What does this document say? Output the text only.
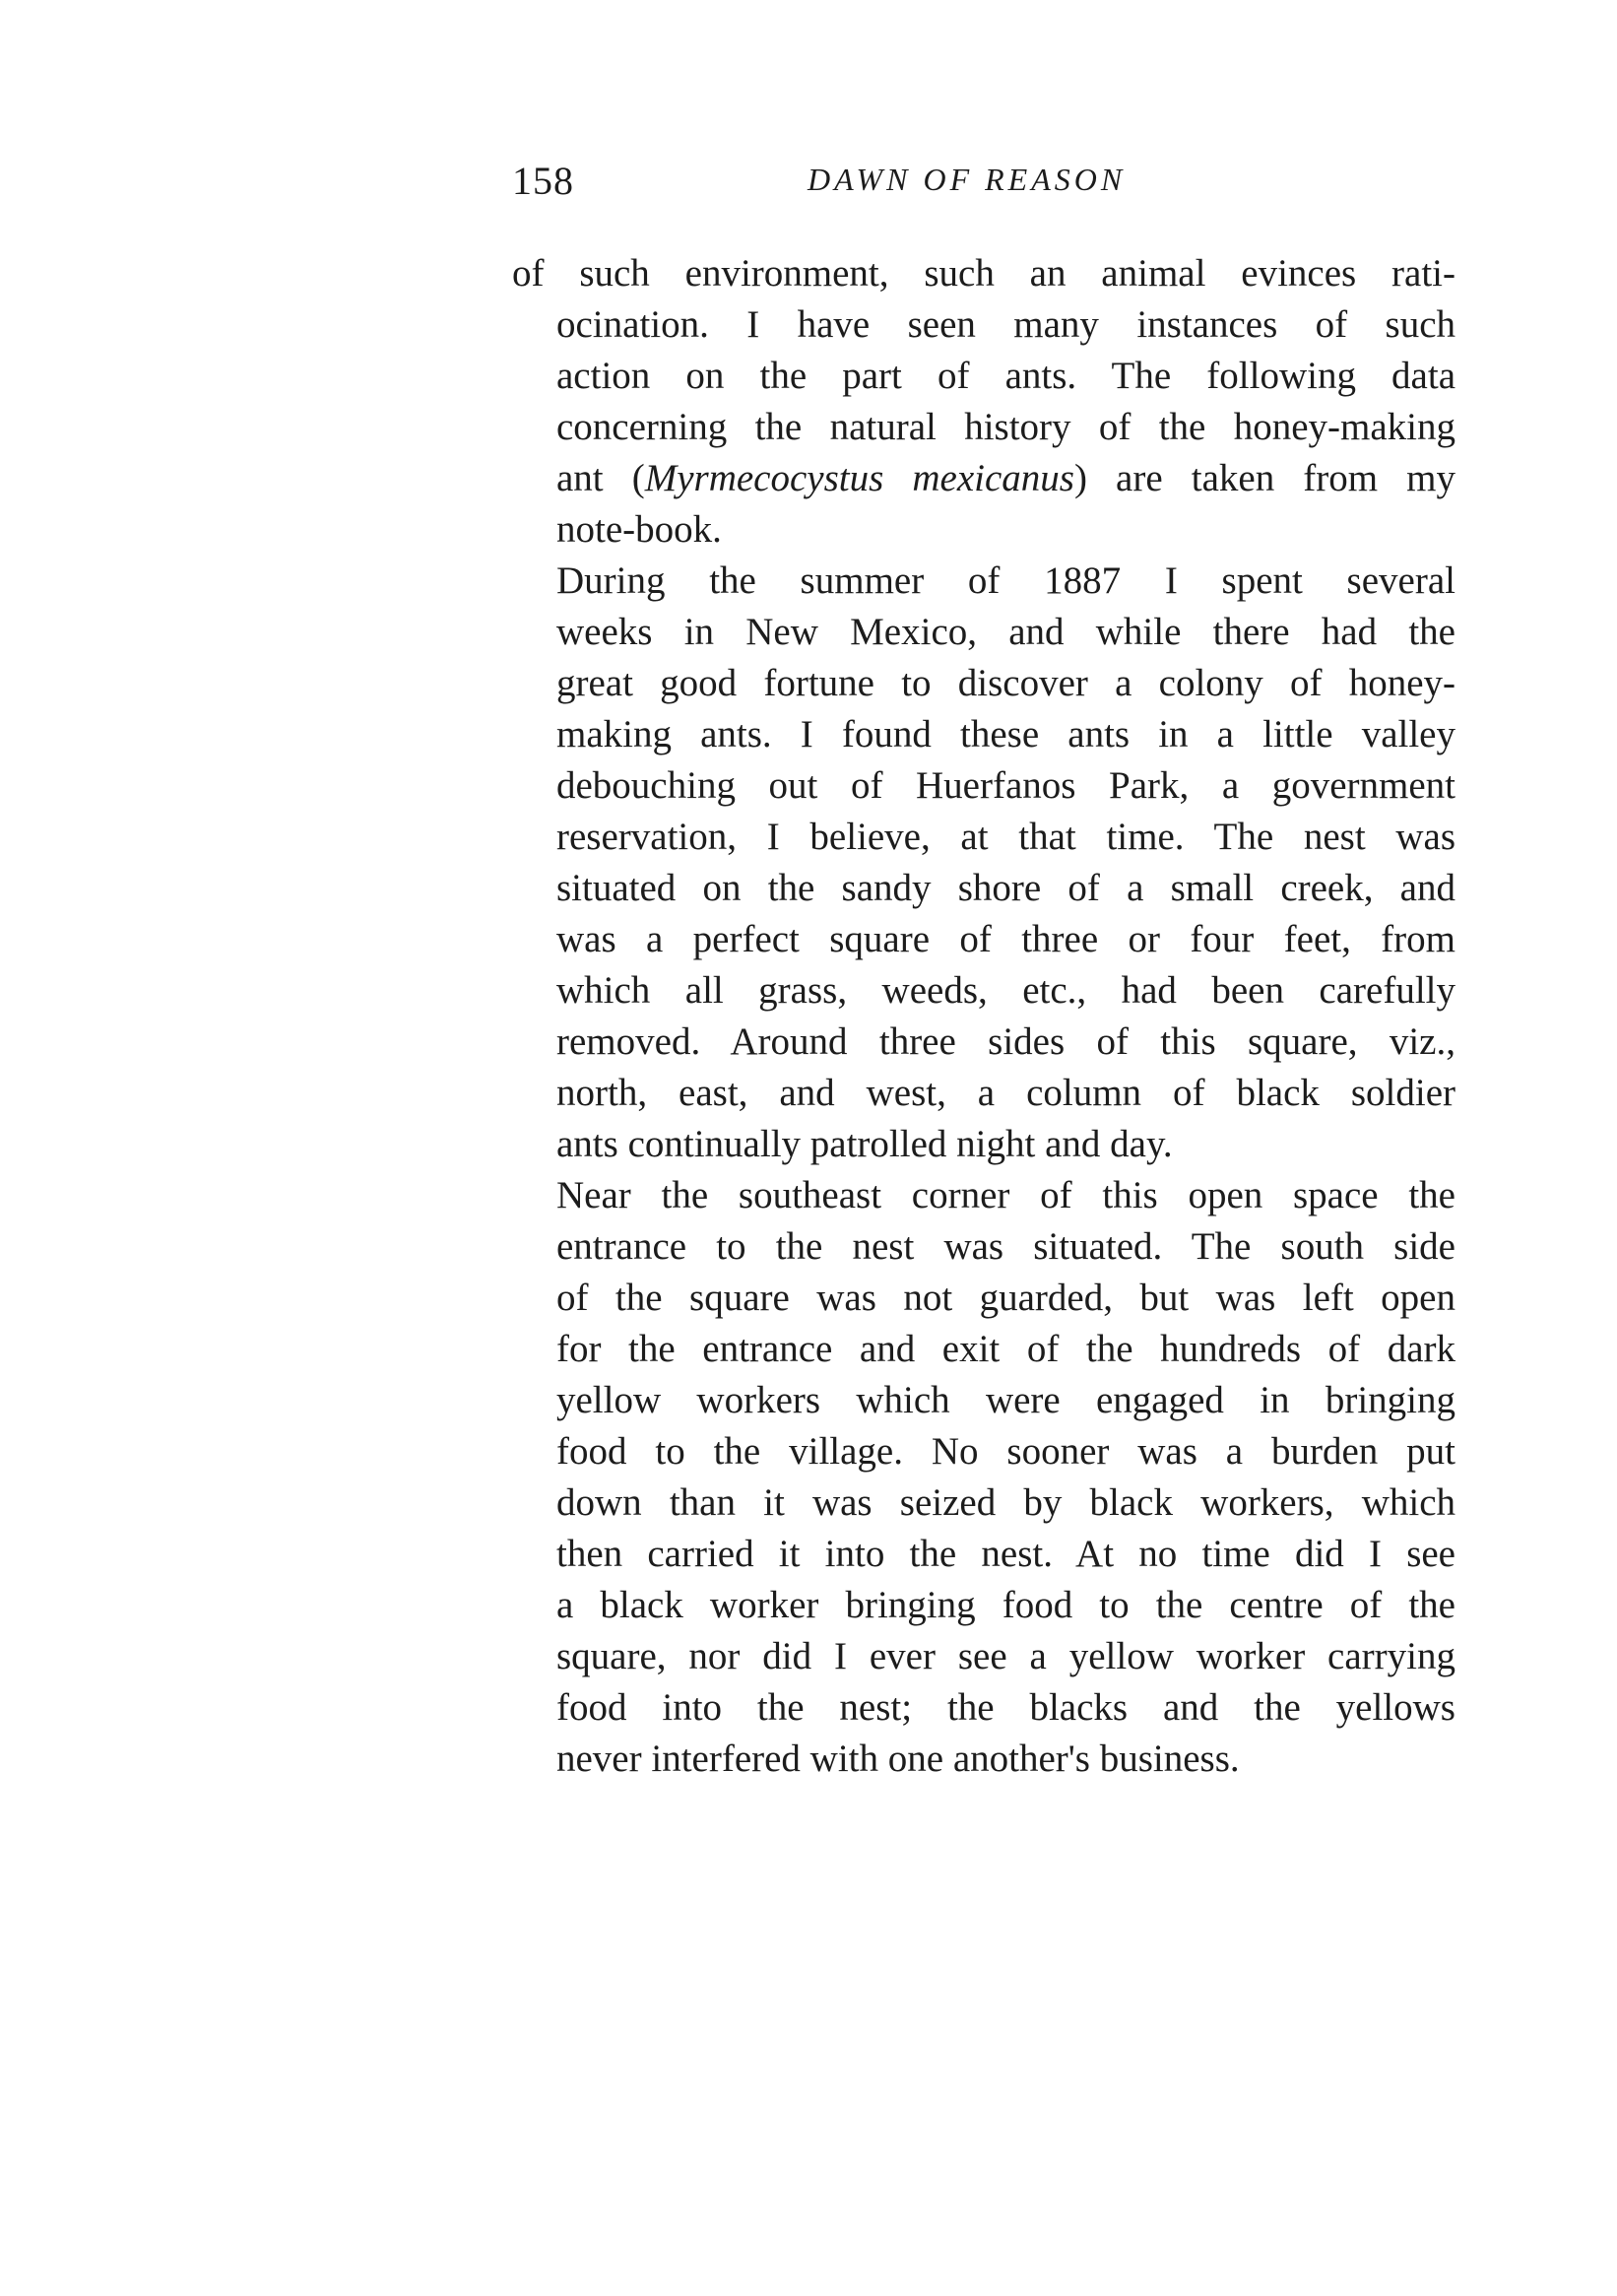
158	DAWN OF REASON
of such environment, such an animal evinces rati-
ocination. I have seen many instances of such
action on the part of ants. The following data
concerning the natural history of the honey-making
ant (Myrmecocystus mexicanus) are taken from my
note-book.
During the summer of 1887 I spent several
weeks in New Mexico, and while there had the
great good fortune to discover a colony of honey-
making ants. I found these ants in a little valley
debouching out of Huerfanos Park, a government
reservation, I believe, at that time. The nest was
situated on the sandy shore of a small creek, and
was a perfect square of three or four feet, from
which all grass, weeds, etc., had been carefully
removed. Around three sides of this square, viz.,
north, east, and west, a column of black soldier
ants continually patrolled night and day.
Near the southeast corner of this open space the
entrance to the nest was situated. The south side
of the square was not guarded, but was left open
for the entrance and exit of the hundreds of dark
yellow workers which were engaged in bringing
food to the village. No sooner was a burden put
down than it was seized by black workers, which
then carried it into the nest. At no time did I see
a black worker bringing food to the centre of the
square, nor did I ever see a yellow worker carrying
food into the nest; the blacks and the yellows
never interfered with one another's business.
